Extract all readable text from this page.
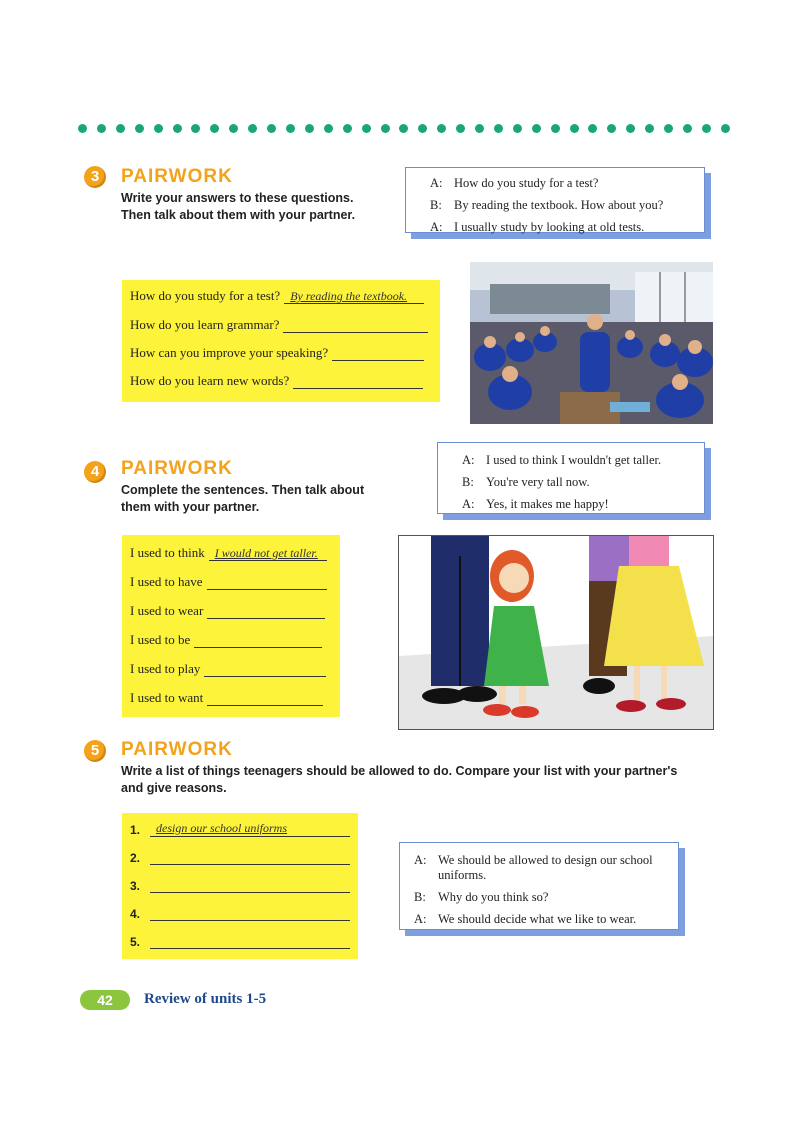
3	PAIRWORK
Write your answers to these questions. Then talk about them with your partner.
A: How do you study for a test?
B: By reading the textbook. How about you?
A: I usually study by looking at old tests.
How do you study for a test? By reading the textbook.
How do you learn grammar?
How can you improve your speaking?
How do you learn new words?
4	PAIRWORK
Complete the sentences. Then talk about them with your partner.
A: I used to think I wouldn't get taller.
B: You're very tall now.
A: Yes, it makes me happy!
I used to think I would not get taller.
I used to have
I used to wear
I used to be
I used to play
I used to want
5	PAIRWORK
Write a list of things teenagers should be allowed to do. Compare your list with your partner's and give reasons.
1.	design our school uniforms
2.
3.
4.
5.
A: We should be allowed to design our school uniforms.
B: Why do you think so?
A: We should decide what we like to wear.
42	Review of units 1-5
